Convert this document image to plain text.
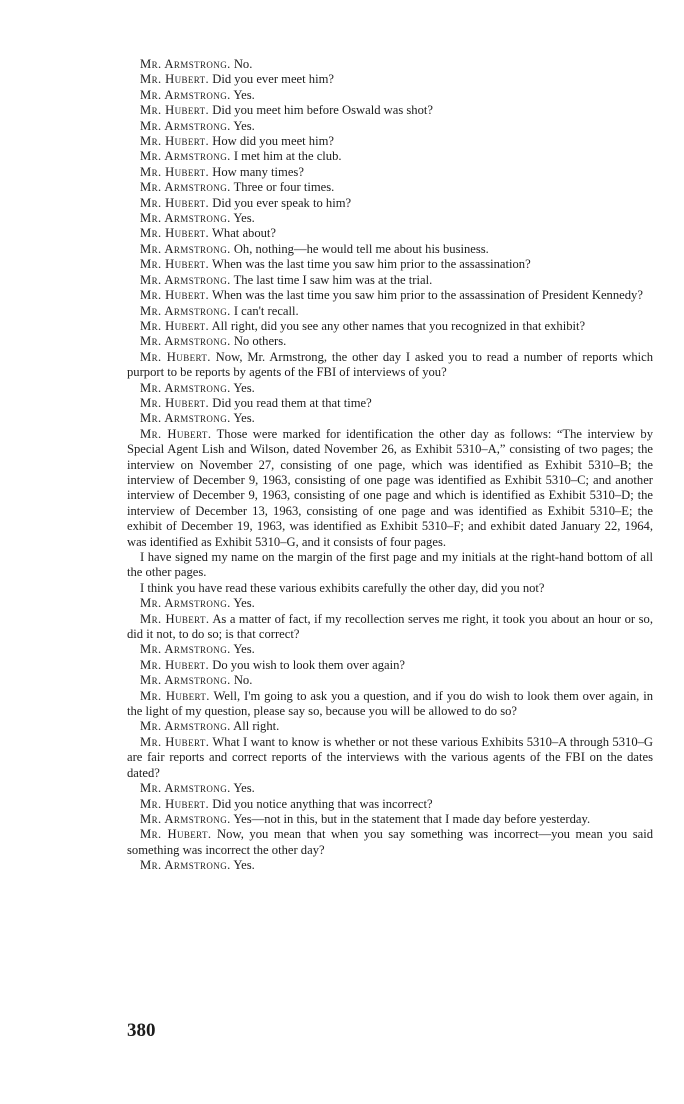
Mr. Armstrong. No.

Mr. Hubert. Did you ever meet him?

Mr. Armstrong. Yes.

Mr. Hubert. Did you meet him before Oswald was shot?

Mr. Armstrong. Yes.

Mr. Hubert. How did you meet him?

Mr. Armstrong. I met him at the club.

Mr. Hubert. How many times?

Mr. Armstrong. Three or four times.

Mr. Hubert. Did you ever speak to him?

Mr. Armstrong. Yes.

Mr. Hubert. What about?

Mr. Armstrong. Oh, nothing—he would tell me about his business.

Mr. Hubert. When was the last time you saw him prior to the assassination?

Mr. Armstrong. The last time I saw him was at the trial.

Mr. Hubert. When was the last time you saw him prior to the assassination of President Kennedy?

Mr. Armstrong. I can't recall.

Mr. Hubert. All right, did you see any other names that you recognized in that exhibit?

Mr. Armstrong. No others.

Mr. Hubert. Now, Mr. Armstrong, the other day I asked you to read a number of reports which purport to be reports by agents of the FBI of interviews of you?

Mr. Armstrong. Yes.

Mr. Hubert. Did you read them at that time?

Mr. Armstrong. Yes.

Mr. Hubert. Those were marked for identification the other day as follows: “The interview by Special Agent Lish and Wilson, dated November 26, as Exhibit 5310–A,” consisting of two pages; the interview on November 27, consisting of one page, which was identified as Exhibit 5310–B; the interview of December 9, 1963, consisting of one page was identified as Exhibit 5310–C; and another interview of December 9, 1963, consisting of one page and which is identified as Exhibit 5310–D; the interview of December 13, 1963, consisting of one page and was identified as Exhibit 5310–E; the exhibit of December 19, 1963, was identified as Exhibit 5310–F; and exhibit dated January 22, 1964, was identified as Exhibit 5310–G, and it consists of four pages.

I have signed my name on the margin of the first page and my initials at the right-hand bottom of all the other pages.

I think you have read these various exhibits carefully the other day, did you not?

Mr. Armstrong. Yes.

Mr. Hubert. As a matter of fact, if my recollection serves me right, it took you about an hour or so, did it not, to do so; is that correct?

Mr. Armstrong. Yes.

Mr. Hubert. Do you wish to look them over again?

Mr. Armstrong. No.

Mr. Hubert. Well, I'm going to ask you a question, and if you do wish to look them over again, in the light of my question, please say so, because you will be allowed to do so?

Mr. Armstrong. All right.

Mr. Hubert. What I want to know is whether or not these various Exhibits 5310–A through 5310–G are fair reports and correct reports of the interviews with the various agents of the FBI on the dates dated?

Mr. Armstrong. Yes.

Mr. Hubert. Did you notice anything that was incorrect?

Mr. Armstrong. Yes—not in this, but in the statement that I made day before yesterday.

Mr. Hubert. Now, you mean that when you say something was incorrect—you mean you said something was incorrect the other day?

Mr. Armstrong. Yes.

380
